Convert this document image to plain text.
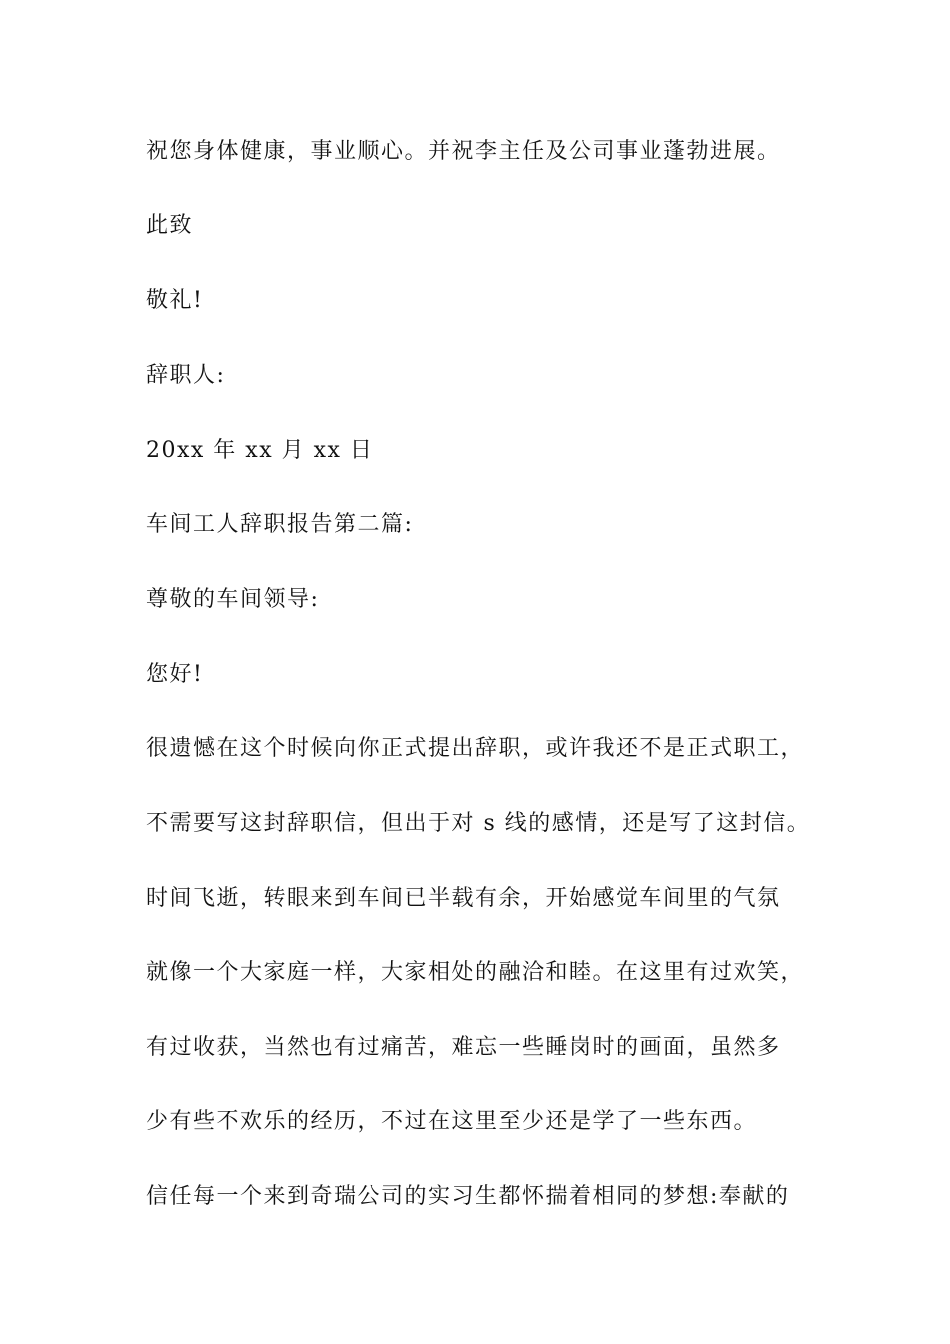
祝您身体健康，事业顺心。并祝李主任及公司事业蓬勃进展。
此致
敬礼!
辞职人:
20xx 年 xx 月 xx 日
车间工人辞职报告第二篇:
尊敬的车间领导:
您好!
很遗憾在这个时候向你正式提出辞职，或许我还不是正式职工，
不需要写这封辞职信，但出于对 s 线的感情，还是写了这封信。
时间飞逝，转眼来到车间已半载有余，开始感觉车间里的气氛
就像一个大家庭一样，大家相处的融洽和睦。在这里有过欢笑，
有过收获，当然也有过痛苦，难忘一些睡岗时的画面，虽然多
少有些不欢乐的经历，不过在这里至少还是学了一些东西。
信任每一个来到奇瑞公司的实习生都怀揣着相同的梦想:奉献的
